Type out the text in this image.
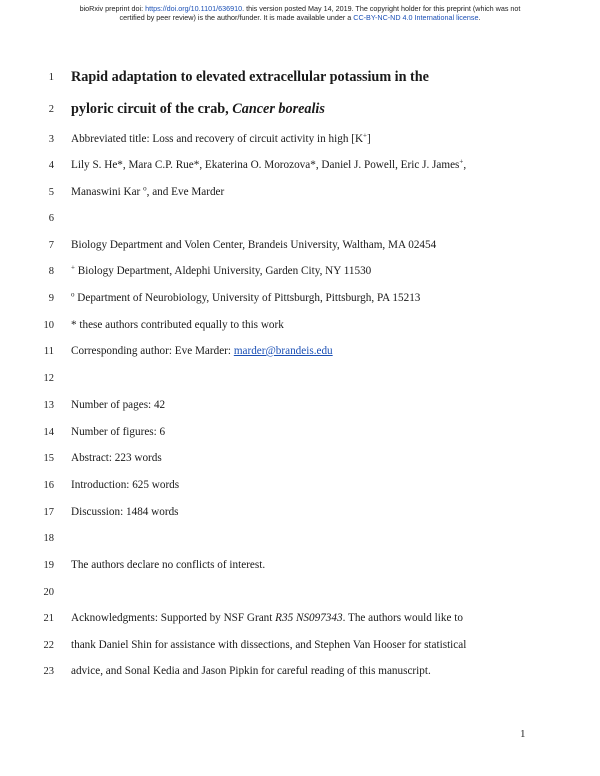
bioRxiv preprint doi: https://doi.org/10.1101/636910. this version posted May 14, 2019. The copyright holder for this preprint (which was not
certified by peer review) is the author/funder. It is made available under a CC-BY-NC-ND 4.0 International license.
1
2
3
4
5
6
7
8
9
10
11
12
13
14
15
16
17
18
19
20
21
22
23
Rapid adaptation to elevated extracellular potassium in the
pyloric circuit of the crab, Cancer borealis
Abbreviated title: Loss and recovery of circuit activity in high [K+]
Lily S. He*, Mara C.P. Rue*, Ekaterina O. Morozova*, Daniel J. Powell, Eric J. James+,
Manaswini Kar $^o$, and Eve Marder
Biology Department and Volen Center, Brandeis University, Waltham, MA 02454
+ Biology Department, Aldephi University, Garden City, NY 11530
$^o$ Department of Neurobiology, University of Pittsburgh, Pittsburgh, PA 15213
* these authors contributed equally to this work
Corresponding author: Eve Marder: marder@brandeis.edu
Number of pages: 42
Number of figures: 6
Abstract: 223 words
Introduction: 625 words
Discussion: 1484 words
The authors declare no conflicts of interest.
Acknowledgments: Supported by NSF Grant R35 NS097343. The authors would like to
thank Daniel Shin for assistance with dissections, and Stephen Van Hooser for statistical
advice, and Sonal Kedia and Jason Pipkin for careful reading of this manuscript.
1
